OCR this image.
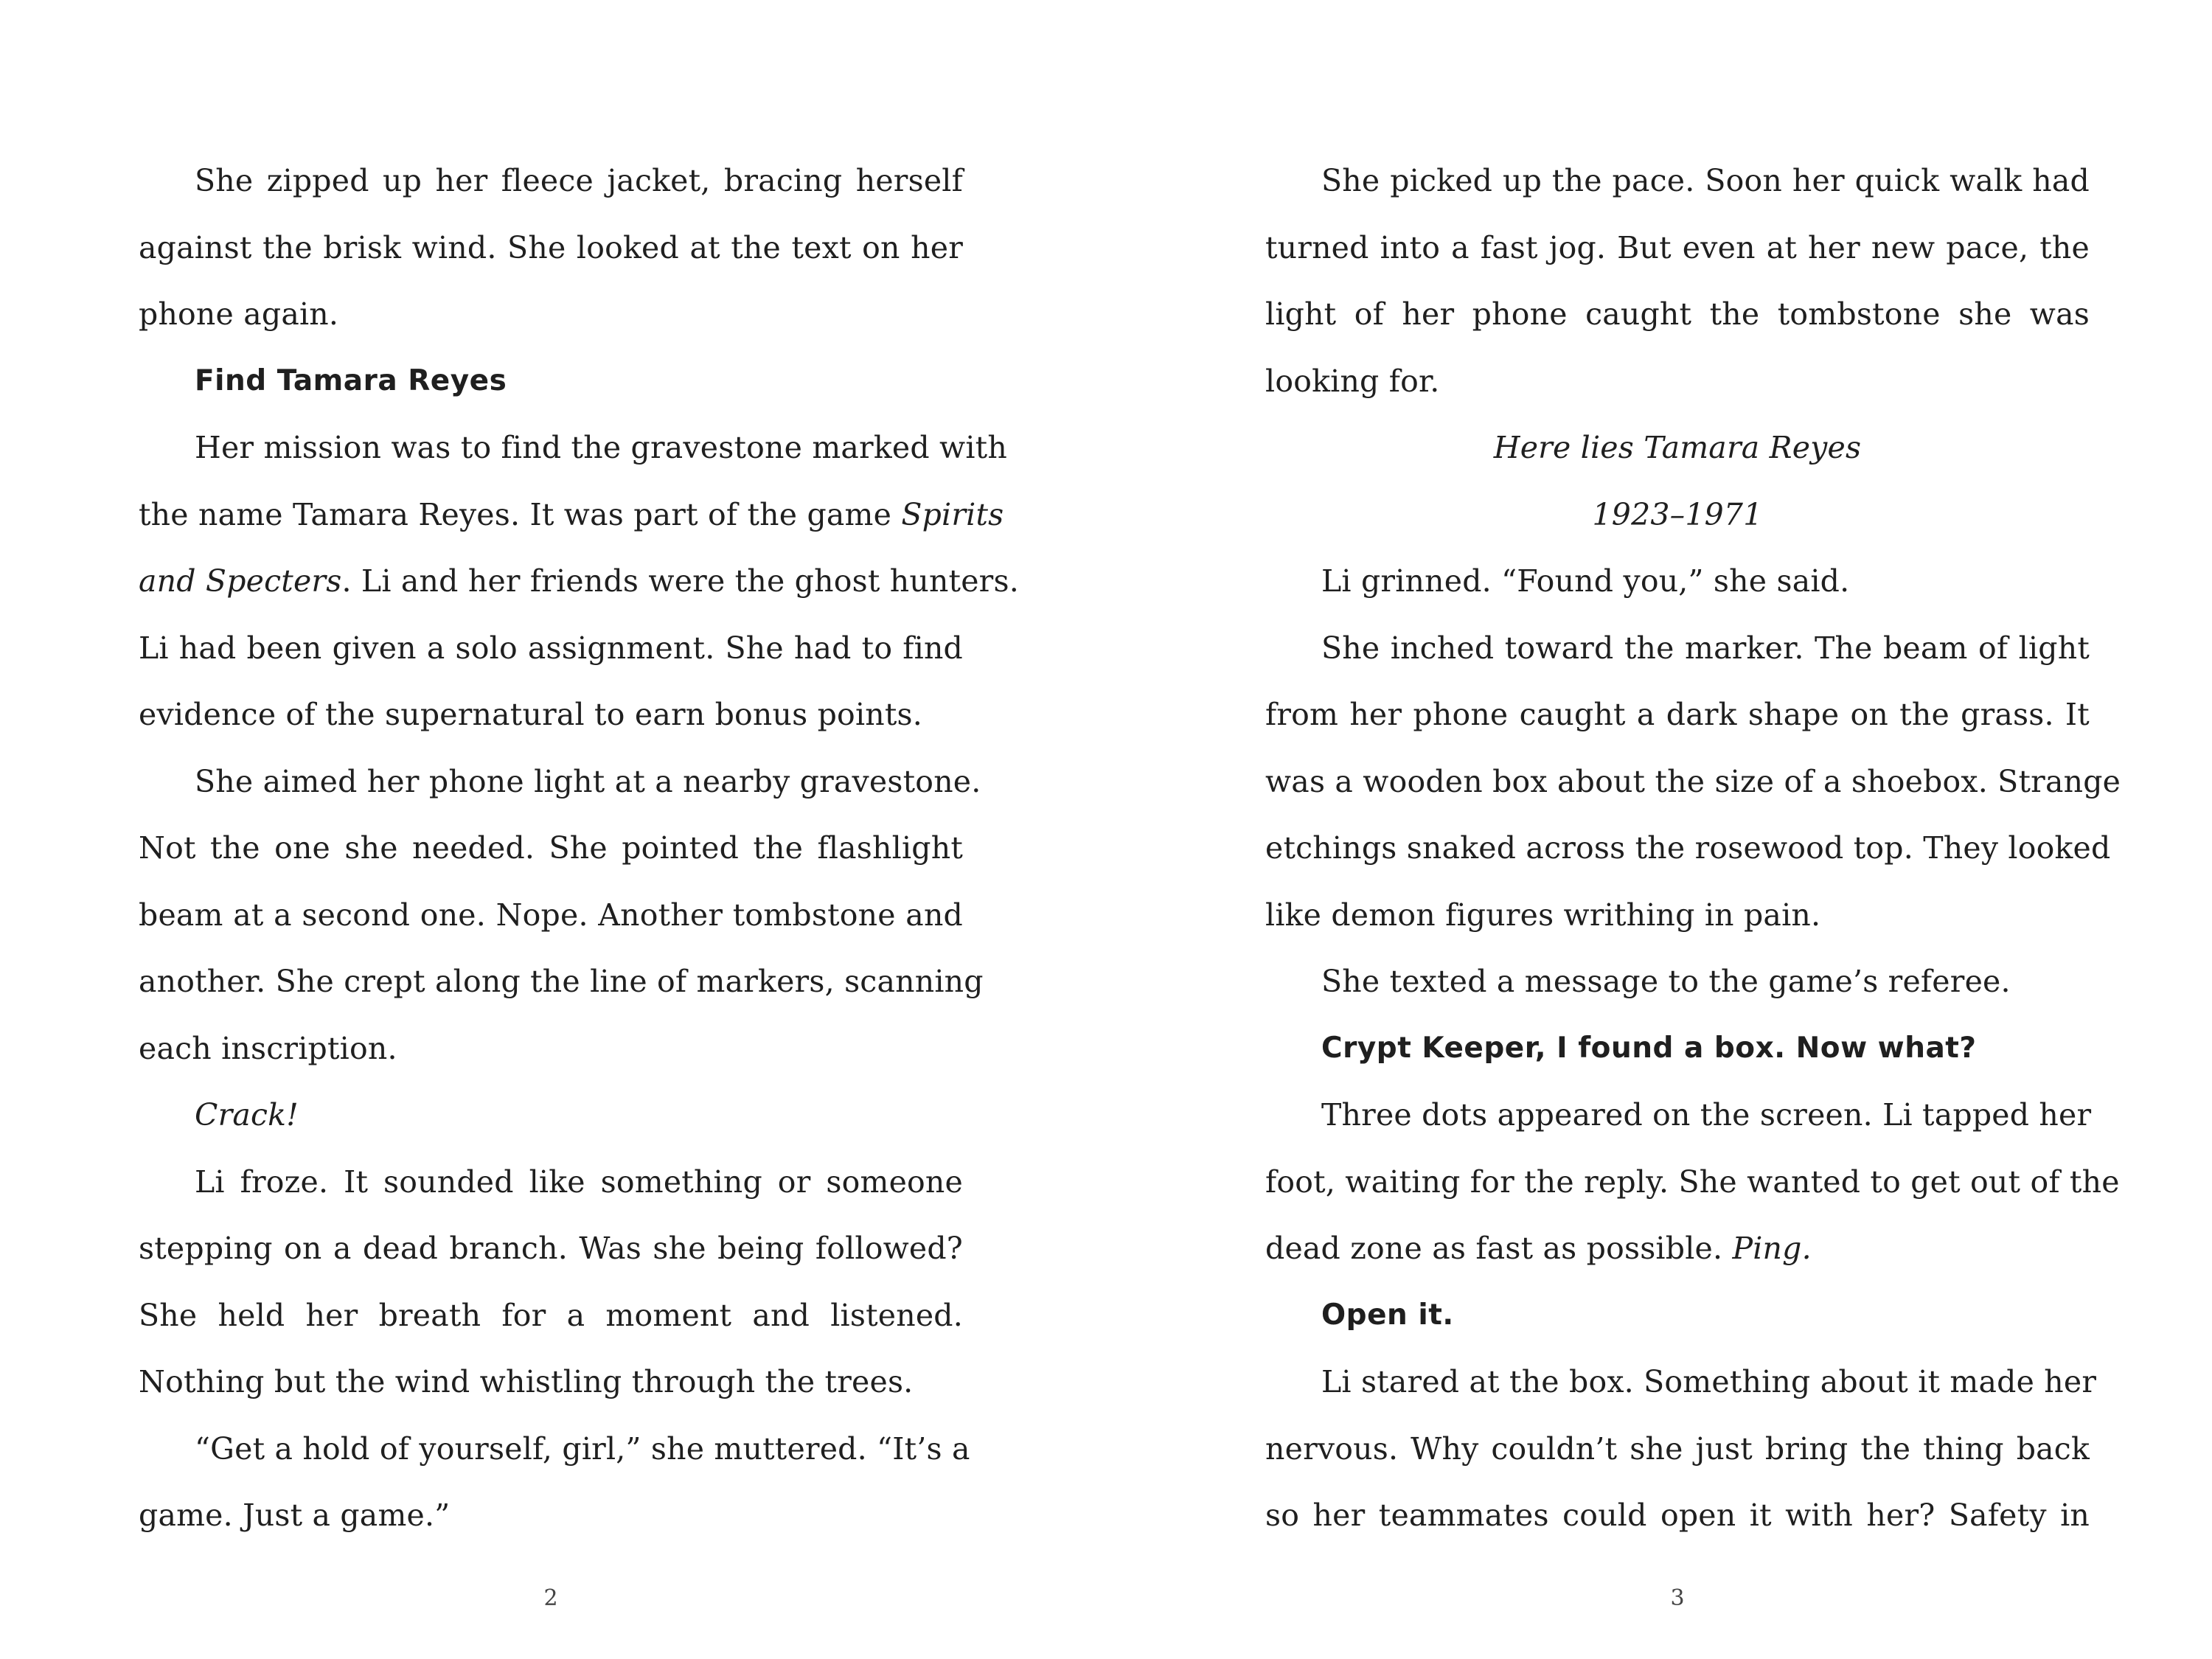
She zipped up her fleece jacket, bracing herself
against the brisk wind. She looked at the text on her
phone again.
Find Tamara Reyes
Her mission was to find the gravestone marked with
the name Tamara Reyes. It was part of the game Spirits
and Specters. Li and her friends were the ghost hunters.
Li had been given a solo assignment. She had to find
evidence of the supernatural to earn bonus points.
She aimed her phone light at a nearby gravestone.
Not the one she needed. She pointed the flashlight
beam at a second one. Nope. Another tombstone and
another. She crept along the line of markers, scanning
each inscription.
Crack!
Li froze. It sounded like something or someone
stepping on a dead branch. Was she being followed?
She held her breath for a moment and listened.
Nothing but the wind whistling through the trees.
“Get a hold of yourself, girl,” she muttered. “It’s a
game. Just a game.”
2
She picked up the pace. Soon her quick walk had
turned into a fast jog. But even at her new pace, the
light of her phone caught the tombstone she was
looking for.
Here lies Tamara Reyes
1923–1971
Li grinned. “Found you,” she said.
She inched toward the marker. The beam of light
from her phone caught a dark shape on the grass. It
was a wooden box about the size of a shoebox. Strange
etchings snaked across the rosewood top. They looked
like demon figures writhing in pain.
She texted a message to the game’s referee.
Crypt Keeper, I found a box. Now what?
Three dots appeared on the screen. Li tapped her
foot, waiting for the reply. She wanted to get out of the
dead zone as fast as possible. Ping.
Open it.
Li stared at the box. Something about it made her
nervous. Why couldn’t she just bring the thing back
so her teammates could open it with her? Safety in
3
